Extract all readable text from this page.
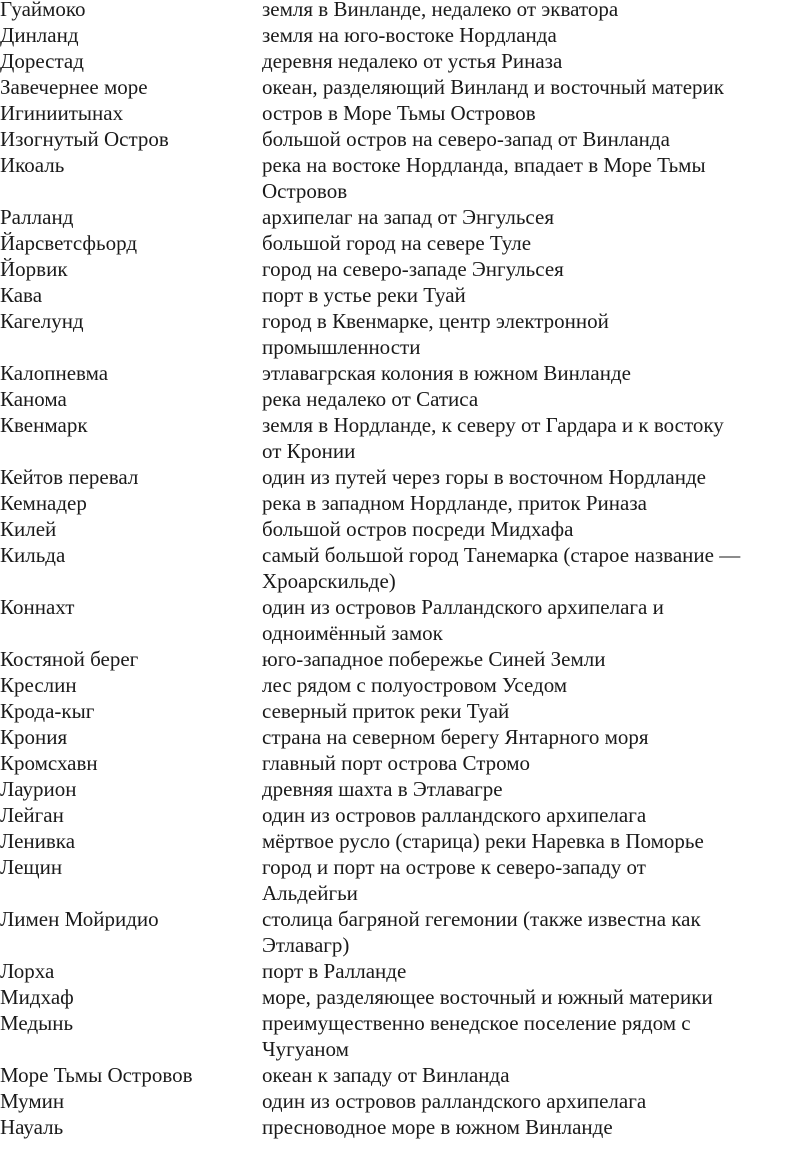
Гуаймоко	земля в Винланде, недалеко от экватора
Динланд	земля на юго-востоке Нордланда
Дорестад	деревня недалеко от устья Риназа
Завечернее море	океан, разделяющий Винланд и восточный материк
Игиниитынах	остров в Море Тьмы Островов
Изогнутый Остров	большой остров на северо-запад от Винланда
Икоаль	река на востоке Нордланда, впадает в Море Тьмы
Островов
Ралланд	архипелаг на запад от Энгульсея
Йарсветсфьорд	большой город на севере Туле
Йорвик	город на северо-западе Энгульсея
Кава	порт в устье реки Туай
Кагелунд	город в Квенмарке, центр электронной
промышленности
Калопневма	этлавагрская колония в южном Винланде
Канома	река недалеко от Сатиса
Квенмарк	земля в Нордланде, к северу от Гардара и к востоку
от Кронии
Кейтов перевал	один из путей через горы в восточном Нордланде
Кемнадер	река в западном Нордланде, приток Риназа
Килей	большой остров посреди Мидхафа
Кильда	самый большой город Танемарка (старое название —
Хроарскильде)
Коннахт	один из островов Ралландского архипелага и
одноимённый замок
Костяной берег	юго-западное побережье Синей Земли
Креслин	лес рядом с полуостровом Уседом
Крода-кыг	северный приток реки Туай
Крония	страна на северном берегу Янтарного моря
Кромсхавн	главный порт острова Стромо
Лаурион	древняя шахта в Этлавагре
Лейган	один из островов ралландского архипелага
Ленивка	мёртвое русло (старица) реки Наревка в Поморье
Лещин	город и порт на острове к северо-западу от
Альдейгьи
Лимен Мойридио	столица багряной гегемонии (также известна как
Этлавагр)
Лорха	порт в Ралланде
Мидхаф	море, разделяющее восточный и южный материки
Медынь	преимущественно венедское поселение рядом с
Чугуаном
Море Тьмы Островов	океан к западу от Винланда
Мумин	один из островов ралландского архипелага
Науаль	пресноводное море в южном Винланде
